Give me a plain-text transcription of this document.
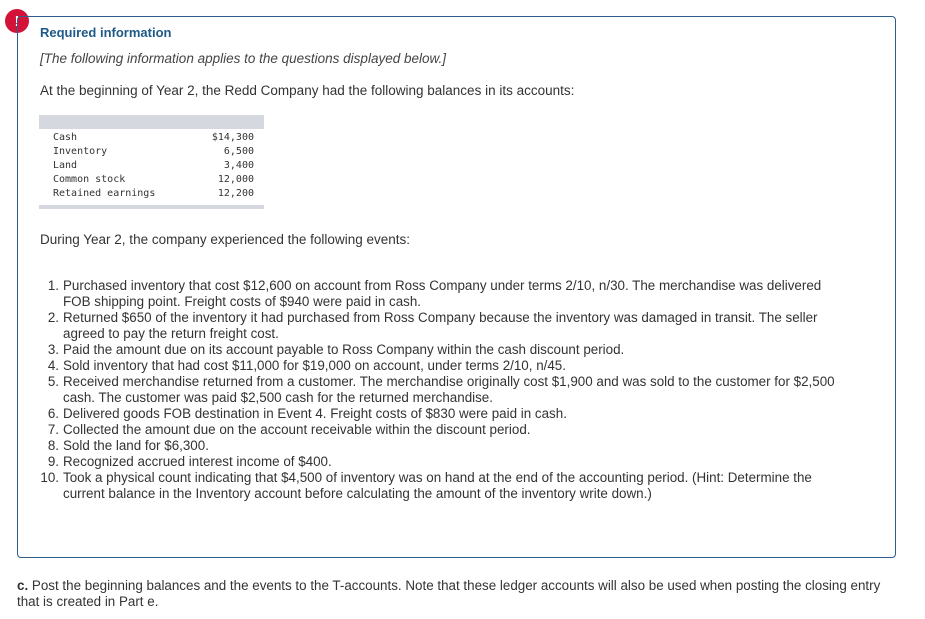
!
Required information
[The following information applies to the questions displayed below.]
At the beginning of Year 2, the Redd Company had the following balances in its accounts:
Cash	$14,300
Inventory	6,500
Land	3,400
Common stock	12,000
Retained earnings	12,200
During Year 2, the company experienced the following events:
1. Purchased inventory that cost $12,600 on account from Ross Company under terms 2/10, n/30. The merchandise was delivered FOB shipping point. Freight costs of $940 were paid in cash.
2. Returned $650 of the inventory it had purchased from Ross Company because the inventory was damaged in transit. The seller agreed to pay the return freight cost.
3. Paid the amount due on its account payable to Ross Company within the cash discount period.
4. Sold inventory that had cost $11,000 for $19,000 on account, under terms 2/10, n/45.
5. Received merchandise returned from a customer. The merchandise originally cost $1,900 and was sold to the customer for $2,500 cash. The customer was paid $2,500 cash for the returned merchandise.
6. Delivered goods FOB destination in Event 4. Freight costs of $830 were paid in cash.
7. Collected the amount due on the account receivable within the discount period.
8. Sold the land for $6,300.
9. Recognized accrued interest income of $400.
10. Took a physical count indicating that $4,500 of inventory was on hand at the end of the accounting period. (Hint: Determine the current balance in the Inventory account before calculating the amount of the inventory write down.)
c. Post the beginning balances and the events to the T-accounts. Note that these ledger accounts will also be used when posting the closing entry that is created in Part e.
